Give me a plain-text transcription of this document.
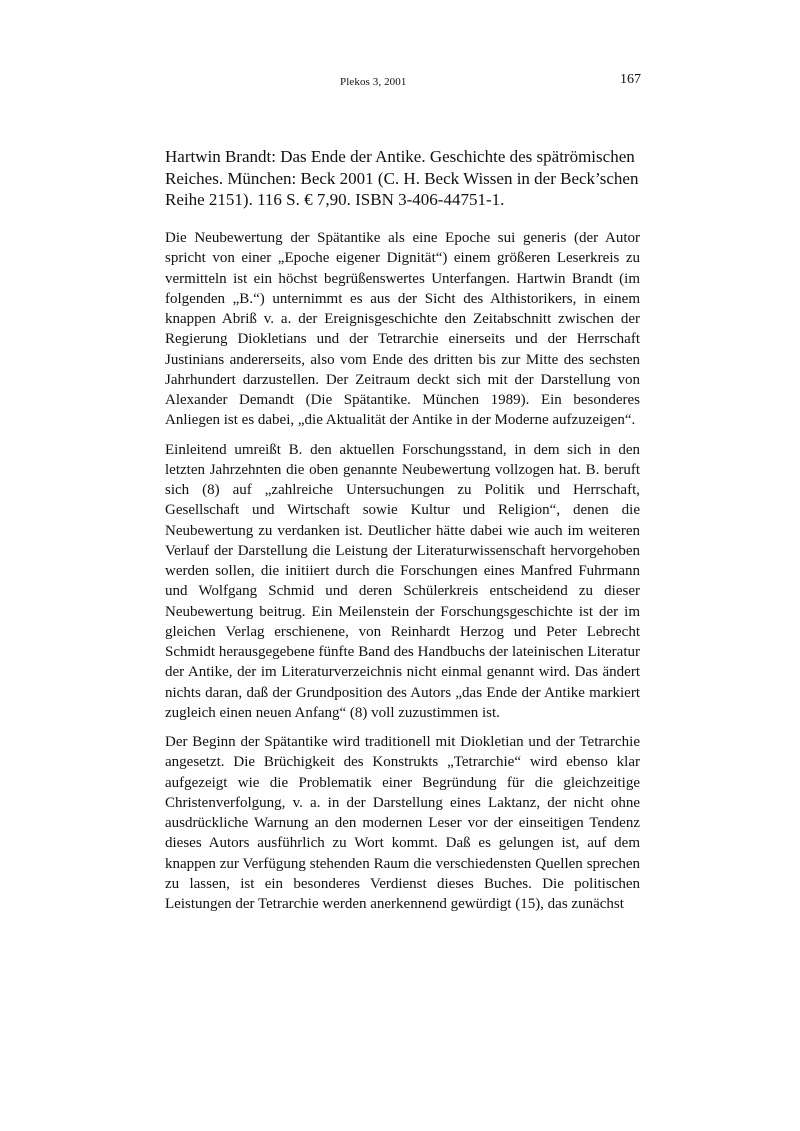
Plekos 3, 2001	167
Hartwin Brandt: Das Ende der Antike. Geschichte des spätrömischen Reiches. München: Beck 2001 (C. H. Beck Wissen in der Beck’schen Reihe 2151). 116 S. € 7,90. ISBN 3-406-44751-1.

Die Neubewertung der Spätantike als eine Epoche sui generis (der Autor spricht von einer „Epoche eigener Dignität“) einem größeren Leserkreis zu vermitteln ist ein höchst begrüßenswertes Unterfangen. Hartwin Brandt (im folgenden „B.“) unternimmt es aus der Sicht des Althistorikers, in einem knappen Abriß v. a. der Ereignisgeschichte den Zeitabschnitt zwischen der Regierung Diokletians und der Tetrarchie einerseits und der Herrschaft Justinians andererseits, also vom Ende des dritten bis zur Mitte des sechsten Jahrhundert darzustellen. Der Zeitraum deckt sich mit der Darstellung von Alexander Demandt (Die Spätantike. München 1989). Ein besonderes Anliegen ist es dabei, „die Aktualität der Antike in der Moderne aufzuzeigen“.

Einleitend umreißt B. den aktuellen Forschungsstand, in dem sich in den letzten Jahrzehnten die oben genannte Neubewertung vollzogen hat. B. beruft sich (8) auf „zahlreiche Untersuchungen zu Politik und Herrschaft, Gesellschaft und Wirtschaft sowie Kultur und Religion“, denen die Neubewertung zu verdanken ist. Deutlicher hätte dabei wie auch im weiteren Verlauf der Darstellung die Leistung der Literaturwissenschaft hervorgehoben werden sollen, die initiiert durch die Forschungen eines Manfred Fuhrmann und Wolfgang Schmid und deren Schülerkreis entscheidend zu dieser Neubewertung beitrug. Ein Meilenstein der Forschungsgeschichte ist der im gleichen Verlag erschienene, von Reinhardt Herzog und Peter Lebrecht Schmidt herausgegebene fünfte Band des Handbuchs der lateinischen Literatur der Antike, der im Literaturverzeichnis nicht einmal genannt wird. Das ändert nichts daran, daß der Grundposition des Autors „das Ende der Antike markiert zugleich einen neuen Anfang“ (8) voll zuzustimmen ist.

Der Beginn der Spätantike wird traditionell mit Diokletian und der Tetrarchie angesetzt. Die Brüchigkeit des Konstrukts „Tetrarchie“ wird ebenso klar aufgezeigt wie die Problematik einer Begründung für die gleichzeitige Christenverfolgung, v. a. in der Darstellung eines Laktanz, der nicht ohne ausdrückliche Warnung an den modernen Leser vor der einseitigen Tendenz dieses Autors ausführlich zu Wort kommt. Daß es gelungen ist, auf dem knappen zur Verfügung stehenden Raum die verschiedensten Quellen sprechen zu lassen, ist ein besonderes Verdienst dieses Buches. Die politischen Leistungen der Tetrarchie werden anerkennend gewürdigt (15), das zunächst
